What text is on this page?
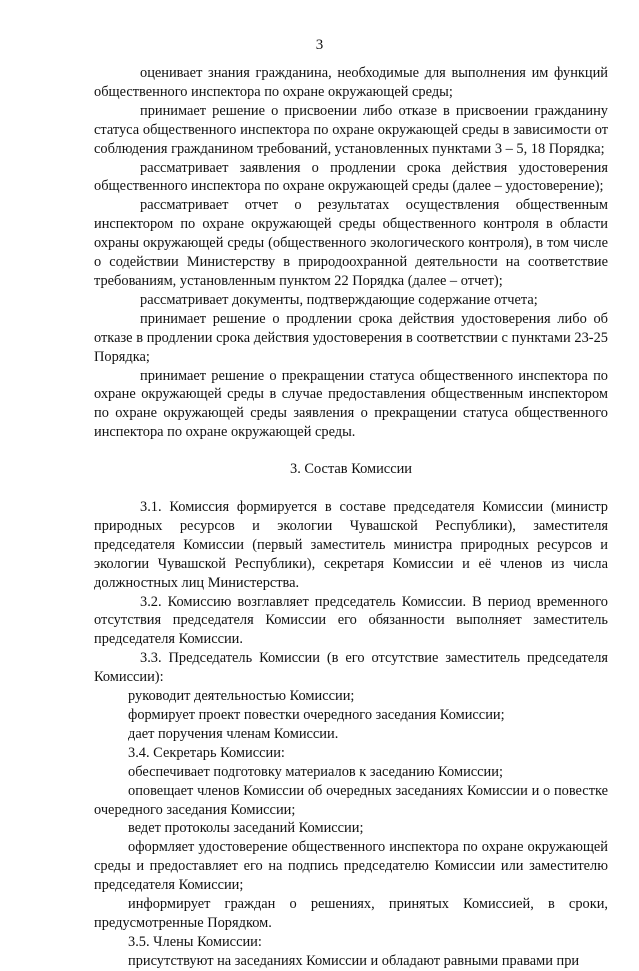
3

оценивает знания гражданина, необходимые для выполнения им функций общественного инспектора по охране окружающей среды;

принимает решение о присвоении либо отказе в присвоении гражданину статуса общественного инспектора по охране окружающей среды в зависимости от соблюдения гражданином требований, установленных пунктами 3 – 5, 18 Порядка;

рассматривает заявления о продлении срока действия удостоверения общественного инспектора по охране окружающей среды (далее – удостоверение);

рассматривает отчет о результатах осуществления общественным инспектором по охране окружающей среды общественного контроля в области охраны окружающей среды (общественного экологического контроля), в том числе о содействии Министерству в природоохранной деятельности на соответствие требованиям, установленным пунктом 22 Порядка (далее – отчет);

рассматривает документы, подтверждающие содержание отчета;

принимает решение о продлении срока действия удостоверения либо об отказе в продлении срока действия удостоверения в соответствии с пунктами 23-25 Порядка;

принимает решение о прекращении статуса общественного инспектора по охране окружающей среды в случае предоставления общественным инспектором по охране окружающей среды заявления о прекращении статуса общественного инспектора по охране окружающей среды.

3. Состав Комиссии

3.1. Комиссия формируется в составе председателя Комиссии (министр природных ресурсов и экологии Чувашской Республики), заместителя председателя Комиссии (первый заместитель министра природных ресурсов и экологии Чувашской Республики), секретаря Комиссии и её членов из числа должностных лиц Министерства.

3.2. Комиссию возглавляет председатель Комиссии. В период временного отсутствия председателя Комиссии его обязанности выполняет заместитель председателя Комиссии.

3.3. Председатель Комиссии (в его отсутствие заместитель председателя Комиссии):

руководит деятельностью Комиссии;

формирует проект повестки очередного заседания Комиссии;

дает поручения членам Комиссии.

3.4. Секретарь Комиссии:

обеспечивает подготовку материалов к заседанию Комиссии;

оповещает членов Комиссии об очередных заседаниях Комиссии и о повестке очередного заседания Комиссии;

ведет протоколы заседаний Комиссии;

оформляет удостоверение общественного инспектора по охране окружающей среды и предоставляет его на подпись председателю Комиссии или заместителю председателя Комиссии;

информирует граждан о решениях, принятых Комиссией, в сроки, предусмотренные Порядком.

3.5. Члены Комиссии:

присутствуют на заседаниях Комиссии и обладают равными правами при
